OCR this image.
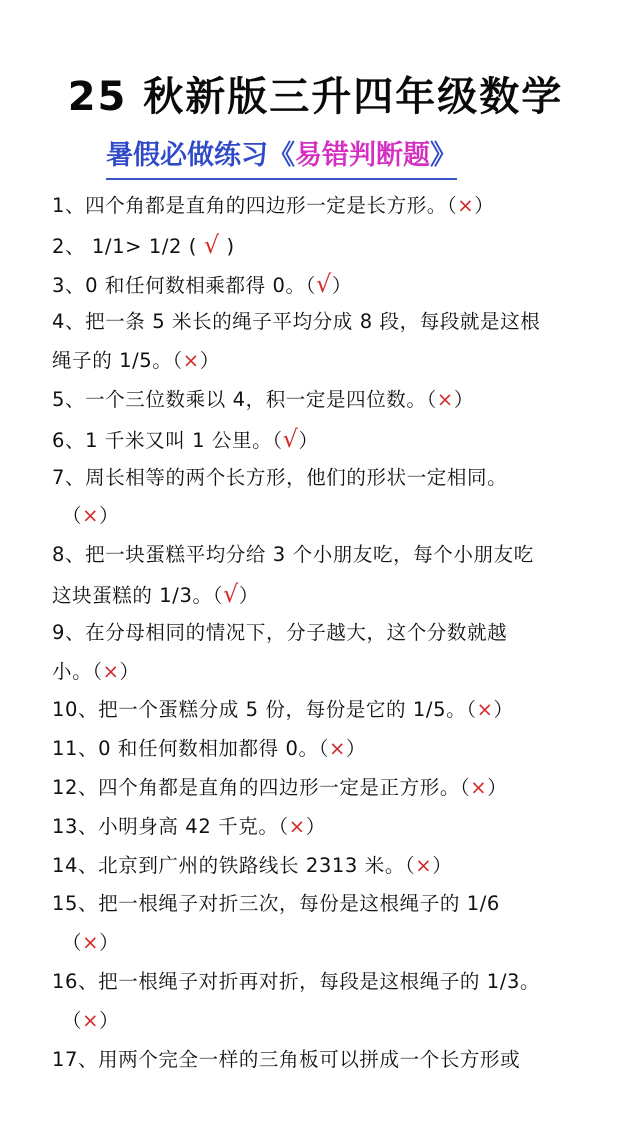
25 秋新版三升四年级数学
暑假必做练习《易错判断题》
1、四个角都是直角的四边形一定是长方形。（×）
2、 1/1> 1/2 ( √ )
3、0 和任何数相乘都得 0。（√）
4、把一条 5 米长的绳子平均分成 8 段，每段就是这根
绳子的 1/5。（×）
5、一个三位数乘以 4，积一定是四位数。（×）
6、1 千米又叫 1 公里。（√）
7、周长相等的两个长方形，他们的形状一定相同。
（×）
8、把一块蛋糕平均分给 3 个小朋友吃，每个小朋友吃
这块蛋糕的 1/3。（√）
9、在分母相同的情况下，分子越大，这个分数就越
小。（×）
10、把一个蛋糕分成 5 份，每份是它的 1/5。（×）
11、0 和任何数相加都得 0。（×）
12、四个角都是直角的四边形一定是正方形。（×）
13、小明身高 42 千克。（×）
14、北京到广州的铁路线长 2313 米。（×）
15、把一根绳子对折三次，每份是这根绳子的 1/6
（×）
16、把一根绳子对折再对折，每段是这根绳子的 1/3。
（×）
17、用两个完全一样的三角板可以拼成一个长方形或
